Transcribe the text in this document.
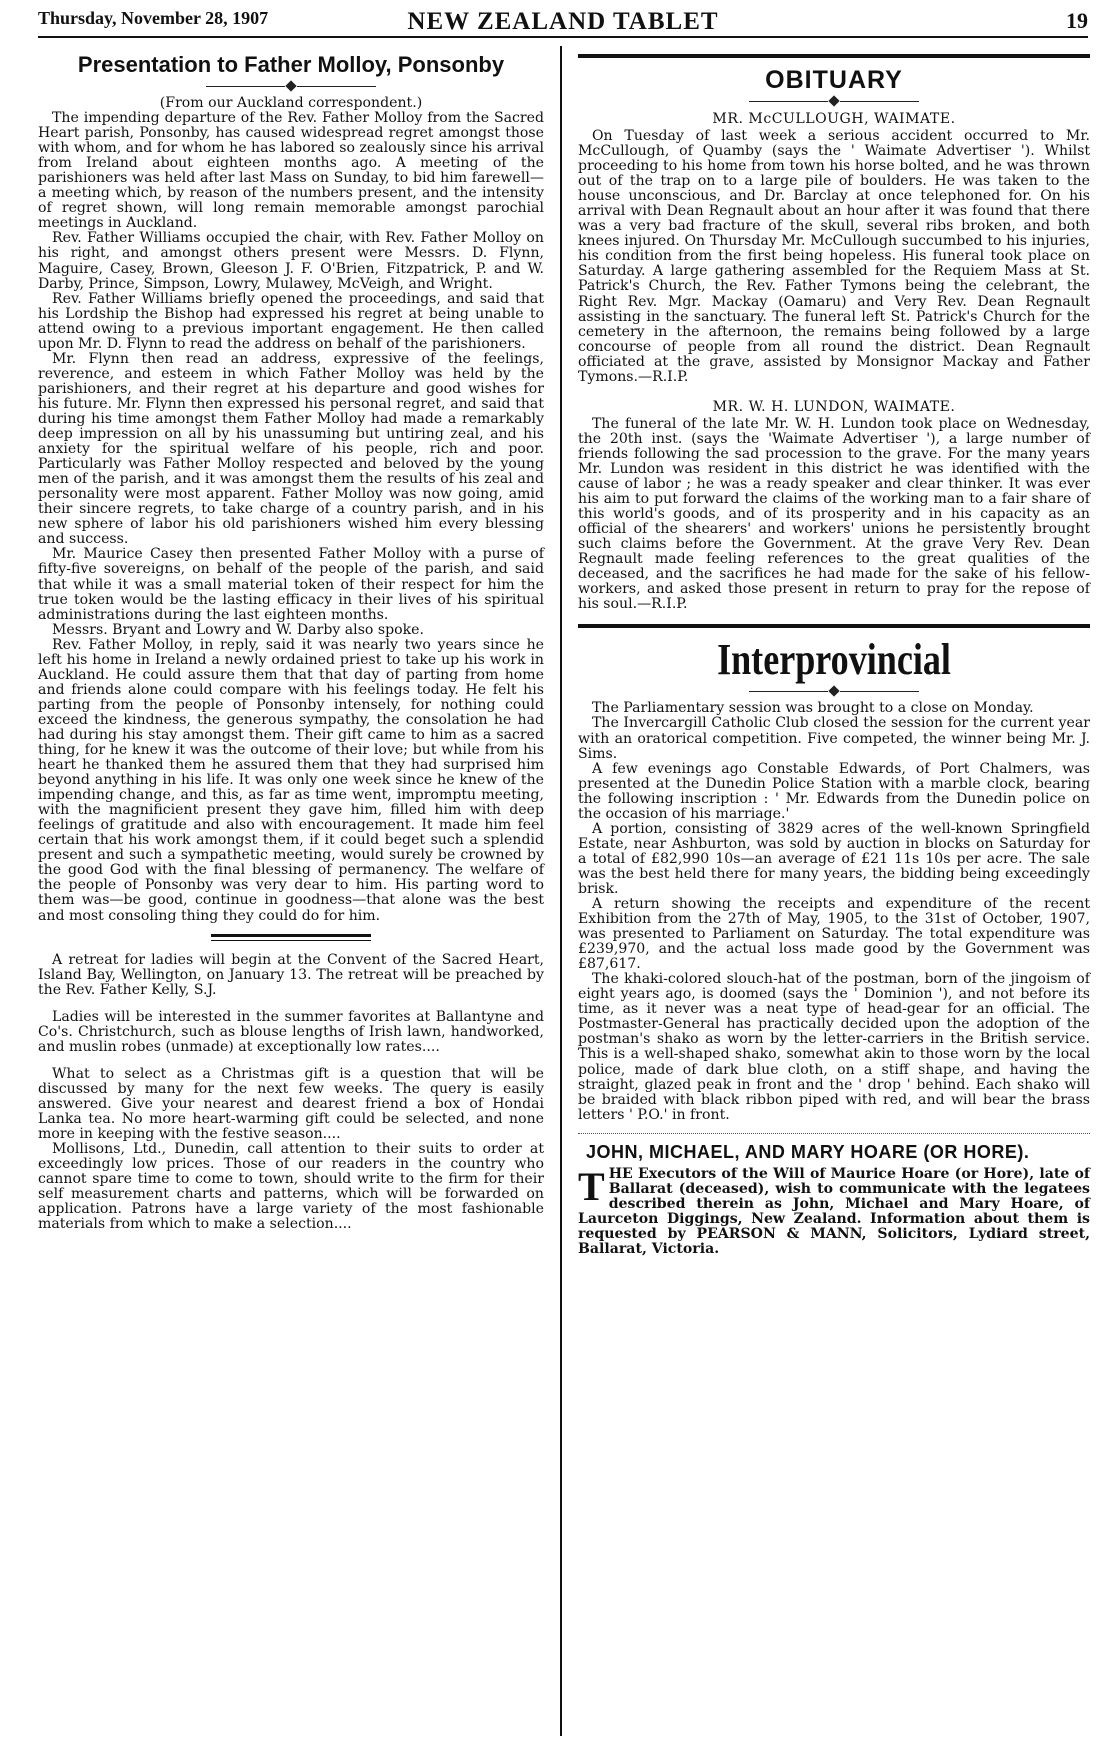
Thursday, November 28, 1907	NEW ZEALAND TABLET	19
Presentation to Father Molloy, Ponsonby

(From our Auckland correspondent.)

The impending departure of the Rev. Father Molloy from the Sacred Heart parish, Ponsonby, has caused widespread regret amongst those with whom, and for whom he has labored so zealously since his arrival from Ireland about eighteen months ago. A meeting of the parishioners was held after last Mass on Sunday, to bid him farewell—a meeting which, by reason of the numbers present, and the intensity of regret shown, will long remain memorable amongst parochial meetings in Auckland.

Rev. Father Williams occupied the chair, with Rev. Father Molloy on his right, and amongst others present were Messrs. D. Flynn, Maguire, Casey, Brown, Gleeson J. F. O'Brien, Fitzpatrick, P. and W. Darby, Prince, Simpson, Lowry, Mulawey, McVeigh, and Wright.

Rev. Father Williams briefly opened the proceedings, and said that his Lordship the Bishop had expressed his regret at being unable to attend owing to a previous important engagement. He then called upon Mr. D. Flynn to read the address on behalf of the parishioners.

Mr. Flynn then read an address, expressive of the feelings, reverence, and esteem in which Father Molloy was held by the parishioners, and their regret at his departure and good wishes for his future. Mr. Flynn then expressed his personal regret, and said that during his time amongst them Father Molloy had made a remarkably deep impression on all by his unassuming but untiring zeal, and his anxiety for the spiritual welfare of his people, rich and poor. Particularly was Father Molloy respected and beloved by the young men of the parish, and it was amongst them the results of his zeal and personality were most apparent. Father Molloy was now going, amid their sincere regrets, to take charge of a country parish, and in his new sphere of labor his old parishioners wished him every blessing and success.

Mr. Maurice Casey then presented Father Molloy with a purse of fifty-five sovereigns, on behalf of the people of the parish, and said that while it was a small material token of their respect for him the true token would be the lasting efficacy in their lives of his spiritual administrations during the last eighteen months.

Messrs. Bryant and Lowry and W. Darby also spoke.

Rev. Father Molloy, in reply, said it was nearly two years since he left his home in Ireland a newly ordained priest to take up his work in Auckland. He could assure them that that day of parting from home and friends alone could compare with his feelings today. He felt his parting from the people of Ponsonby intensely, for nothing could exceed the kindness, the generous sympathy, the consolation he had had during his stay amongst them. Their gift came to him as a sacred thing, for he knew it was the outcome of their love; but while from his heart he thanked them he assured them that they had surprised him beyond anything in his life. It was only one week since he knew of the impending change, and this, as far as time went, impromptu meeting, with the magnificient present they gave him, filled him with deep feelings of gratitude and also with encouragement. It made him feel certain that his work amongst them, if it could beget such a splendid present and such a sympathetic meeting, would surely be crowned by the good God with the final blessing of permanency. The welfare of the people of Ponsonby was very dear to him. His parting word to them was—be good, continue in goodness—that alone was the best and most consoling thing they could do for him.

A retreat for ladies will begin at the Convent of the Sacred Heart, Island Bay, Wellington, on January 13. The retreat will be preached by the Rev. Father Kelly, S.J.

Ladies will be interested in the summer favorites at Ballantyne and Co's. Christchurch, such as blouse lengths of Irish lawn, handworked, and muslin robes (unmade) at exceptionally low rates....

What to select as a Christmas gift is a question that will be discussed by many for the next few weeks. The query is easily answered. Give your nearest and dearest friend a box of Hondai Lanka tea. No more heart-warming gift could be selected, and none more in keeping with the festive season....

Mollisons, Ltd., Dunedin, call attention to their suits to order at exceedingly low prices. Those of our readers in the country who cannot spare time to come to town, should write to the firm for their self measurement charts and patterns, which will be forwarded on application. Patrons have a large variety of the most fashionable materials from which to make a selection....

OBITUARY
MR. McCULLOUGH, WAIMATE.

On Tuesday of last week a serious accident occurred to Mr. McCullough, of Quamby (says the ' Waimate Advertiser '). Whilst proceeding to his home from town his horse bolted, and he was thrown out of the trap on to a large pile of boulders. He was taken to the house unconscious, and Dr. Barclay at once telephoned for. On his arrival with Dean Regnault about an hour after it was found that there was a very bad fracture of the skull, several ribs broken, and both knees injured. On Thursday Mr. McCullough succumbed to his injuries, his condition from the first being hopeless. His funeral took place on Saturday. A large gathering assembled for the Requiem Mass at St. Patrick's Church, the Rev. Father Tymons being the celebrant, the Right Rev. Mgr. Mackay (Oamaru) and Very Rev. Dean Regnault assisting in the sanctuary. The funeral left St. Patrick's Church for the cemetery in the afternoon, the remains being followed by a large concourse of people from all round the district. Dean Regnault officiated at the grave, assisted by Monsignor Mackay and Father Tymons.—R.I.P.

MR. W. H. LUNDON, WAIMATE.

The funeral of the late Mr. W. H. Lundon took place on Wednesday, the 20th inst. (says the 'Waimate Advertiser '), a large number of friends following the sad procession to the grave. For the many years Mr. Lundon was resident in this district he was identified with the cause of labor ; he was a ready speaker and clear thinker. It was ever his aim to put forward the claims of the working man to a fair share of this world's goods, and of its prosperity and in his capacity as an official of the shearers' and workers' unions he persistently brought such claims before the Government. At the grave Very Rev. Dean Regnault made feeling references to the great qualities of the deceased, and the sacrifices he had made for the sake of his fellow-workers, and asked those present in return to pray for the repose of his soul.—R.I.P.

Interprovincial

The Parliamentary session was brought to a close on Monday.

The Invercargill Catholic Club closed the session for the current year with an oratorical competition. Five competed, the winner being Mr. J. Sims.

A few evenings ago Constable Edwards, of Port Chalmers, was presented at the Dunedin Police Station with a marble clock, bearing the following inscription : ' Mr. Edwards from the Dunedin police on the occasion of his marriage.'

A portion, consisting of 3829 acres of the well-known Springfield Estate, near Ashburton, was sold by auction in blocks on Saturday for a total of £82,990 10s—an average of £21 11s 10s per acre. The sale was the best held there for many years, the bidding being exceedingly brisk.

A return showing the receipts and expenditure of the recent Exhibition from the 27th of May, 1905, to the 31st of October, 1907, was presented to Parliament on Saturday. The total expenditure was £239,970, and the actual loss made good by the Government was £87,617.

The khaki-colored slouch-hat of the postman, born of the jingoism of eight years ago, is doomed (says the ' Dominion '), and not before its time, as it never was a neat type of head-gear for an official. The Postmaster-General has practically decided upon the adoption of the postman's shako as worn by the letter-carriers in the British service. This is a well-shaped shako, somewhat akin to those worn by the local police, made of dark blue cloth, on a stiff shape, and having the straight, glazed peak in front and the ' drop ' behind. Each shako will be braided with black ribbon piped with red, and will bear the brass letters ' P.O.' in front.

JOHN, MICHAEL, AND MARY HOARE (OR HORE).
THE Executors of the Will of Maurice Hoare (or Hore), late of Ballarat (deceased), wish to communicate with the legatees described therein as John, Michael and Mary Hoare, of Laurceton Diggings, New Zealand. Information about them is requested by PEARSON & MANN, Solicitors, Lydiard street, Ballarat, Victoria.
